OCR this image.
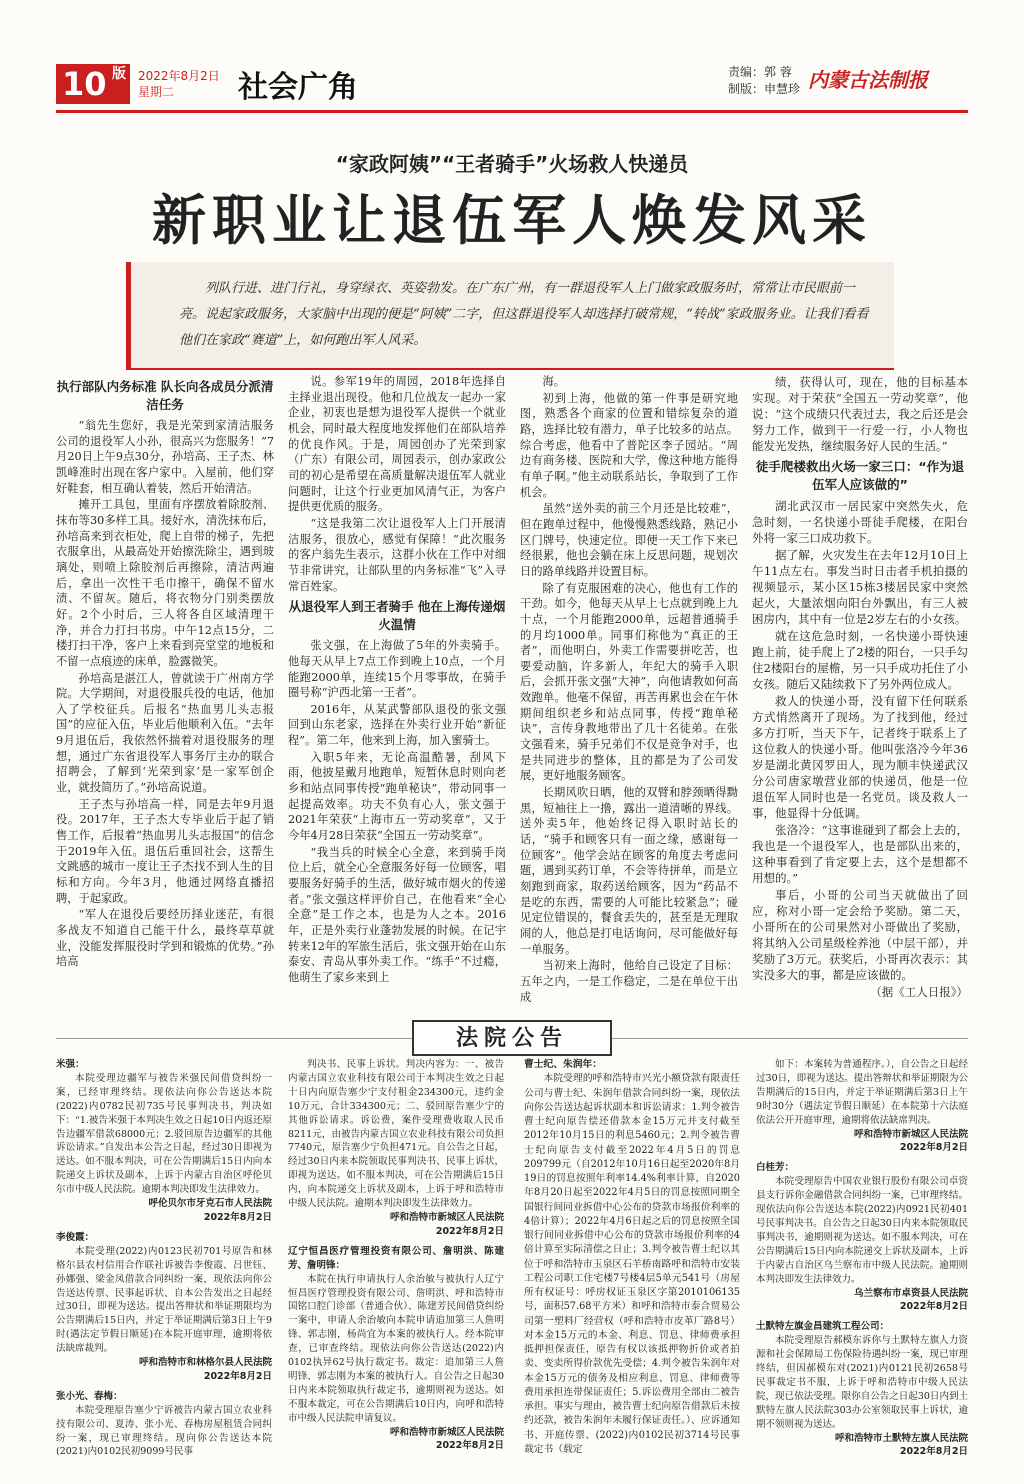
10 版 2022年8月2日
星期二	社会广角	责编：郭 蓉
制版：申慧珍 内蒙古法制报
“家政阿姨”“王者骑手”火场救人快递员
新职业让退伍军人焕发风采
列队行进、进门行礼，身穿绿衣、英姿勃发。在广东广州，有一群退役军人上门做家政服务时，常常让市民眼前一亮。说起家政服务，大家脑中出现的便是“阿姨”二字，但这群退役军人却选择打破常规，“转战”家政服务业。让我们看看他们在家政“赛道”上，如何跑出军人风采。
执行部队内务标准 队长向各成员分派清洁任务

“翁先生您好，我是光荣到家清洁服务公司的退役军人小孙，很高兴为您服务！”7月20日上午9点30分，孙培高、王子杰、林凯峰准时出现在客户家中。入屋前，他们穿好鞋套，相互确认着装，然后开始清洁。

摊开工具包，里面有序摆放着除胶剂、抹布等30多样工具。接好水，清洗抹布后，孙培高来到衣柜处，爬上自带的梯子，先把衣服拿出，从最高处开始擦洗除尘，遇到玻璃处，则喷上除胶剂后再擦除，清洁两遍后，拿出一次性干毛巾擦干，确保不留水渍、不留灰。随后，将衣物分门别类摆放好。2个小时后，三人将各自区域清理干净，并合力打扫书房。中午12点15分，二楼打扫干净，客户上来看到亮堂堂的地板和不留一点痕迹的床单，脸露微笑。

孙培高是湛江人，曾就读于广州南方学院。大学期间，对退役服兵役的电话，他加入了学校征兵。后报名“热血男儿头志报国”的应征入伍，毕业后他顺利入伍。“去年9月退伍后，我依然怀揣着对退役服务的理想，通过广东省退役军人事务厅主办的联合招聘会，了解到‘光荣到家’是一家军创企业，就投简历了。”孙培高说道。

王子杰与孙培高一样，同是去年9月退役。2017年，王子杰大专毕业后于起了销售工作，后报着“热血男儿头志报国”的信念于2019年入伍。退伍后重回社会，这帮生文跳感的城市一度让王子杰找不到人生的目标和方向。今年3月，他通过网络直播招聘，于起家政。

“军人在退役后要经历择业迷茫，有很多战友不知道自己能干什么，最终草草就业，没能发挥服役时学到和锻炼的优势。”孙培高

说。参军19年的周园，2018年选择自主择业退出现役。他和几位战友一起办一家企业，初衷也是想为退役军人提供一个就业机会，同时最大程度地发挥他们在部队培养的优良作风。于是，周园创办了光荣到家（广东）有限公司，周园表示，创办家政公司的初心是希望在高质量解决退伍军人就业问题时，让这个行业更加风清气正，为客户提供更优质的服务。

“这是我第二次让退役军人上门开展清洁服务，很放心，感觉有保障！”此次服务的客户翁先生表示，这群小伙在工作中对细节非常讲究，让部队里的内务标准“飞”入寻常百姓家。

从退役军人到王者骑手 他在上海传递烟火温情

张文强，在上海做了5年的外卖骑手。他每天从早上7点工作到晚上10点，一个月能跑2000单，连续15个月零事故，在骑手圈号称“沪西北第一王者”。

2016年，从某武警部队退役的张文强回到山东老家，选择在外卖行业开始“新征程”。第二年，他来到上海，加入蜜骑士。

入职5年来，无论高温酷暑，刮风下雨，他披星戴月地跑单，短暂休息时则向老乡和站点同事传授“跑单秘诀”，带动同事一起提高效率。功夫不负有心人，张文强于2021年荣获“上海市五一劳动奖章”，又于今年4月28日荣获“全国五一劳动奖章”。

“我当兵的时候全心全意，来到骑手岗位上后，就全心全意服务好每一位顾客，唱要服务好骑手的生活，做好城市烟火的传递者。”张文强这样评价自己，在他看来“全心全意”是工作之本，也是为人之本。2016年，正是外卖行业蓬勃发展的时候。在记宇转来12年的军旅生活后，张文强开始在山东泰安、青岛从事外卖工作。“练手”不过瘾，他萌生了家乡来到上

海。

初到上海，他做的第一件事是研究地图，熟悉各个商家的位置和错综复杂的道路，选择比较有潜力，单子比较多的站点。综合考虑，他看中了普陀区李子园站。“周边有商务楼、医院和大学，像这种地方能得有单子啊。”他主动联系站长，争取到了工作机会。

虽然“送外卖的前三个月还是比较难”，但在跑单过程中，他慢慢熟悉线路，熟记小区门牌号，快速定位。即便一天工作下来已经很累，他也会躺在床上反思问题，规划次日的路单线路并设置目标。

除了有克服困难的决心，他也有工作的干劲。如今，他每天从早上七点就到晚上九十点，一个月能跑2000单，远超普通骑手的月均1000单。同事们称他为“真正的王者”，而他明白，外卖工作需要拼吃苦，也要爱动脑，许多新人，年纪大的骑手入职后，会抓开张文强“大神”，向他请教如何高效跑单。他毫不保留，再苦再累也会在午休期间组织老乡和站点同事，传授“跑单秘诀”，言传身教地带出了几十名徒弟。在张文强看来，骑手兄弟们不仅是竞争对手，也是共同进步的整体，且的都是为了公司发展，更好地服务顾客。

长期风吹日晒，他的双臂和脖颈晒得黝黑，短袖往上一撸，露出一道清晰的界线。送外卖5年，他始终记得入职时站长的话，“骑手和顾客只有一面之缘，感谢每一位顾客”。他学会站在顾客的角度去考虑问题，遇到买药订单，不会等待拼单，而是立刻跑到商家，取药送给顾客，因为“药品不是吃的东西，需要的人可能比较紧急”；碰见定位错误的，餐食丢失的，甚至是无理取闹的人，他总是打电话询问，尽可能做好每一单服务。

当初来上海时，他给自己设定了目标：五年之内，一是工作稳定，二是在单位干出成

绩，获得认可，现在，他的目标基本实现。对于荣获“全国五一劳动奖章”，他说：“这个成绩只代表过去，我之后还是会努力工作，做到干一行爱一行，小人物也能发光发热，继续服务好人民的生活。”

徒手爬楼救出火场一家三口：“作为退伍军人应该做的”

湖北武汉市一居民家中突然失火，危急时刻，一名快递小哥徒手爬楼，在阳台外将一家三口成功救下。

据了解，火灾发生在去年12月10日上午11点左右。事发当时日击者手机拍摄的视频显示，某小区15栋3楼居民家中突然起火，大量浓烟向阳台外飘出，有三人被困房内，其中有一位是2岁左右的小女孩。

就在这危急时刻，一名快递小哥快速跑上前，徒手爬上了2楼的阳台，一只手勾住2楼阳台的屋檐，另一只手成功托住了小女孩。随后又陆续救下了另外两位成人。

救人的快递小哥，没有留下任何联系方式悄然离开了现场。为了找到他，经过多方打听，当天下午，记者终于联系上了这位救人的快递小哥。他叫张洛冷今年36岁是湖北黄冈罗田人，现为顺丰快递武汉分公司唐家墩营业部的快递员，他是一位退伍军人同时也是一名党员。谈及救人一事，他显得十分低调。

张洛冷：“这事谁碰到了都会上去的，我也是一个退役军人，也是部队出来的，这种事看到了肯定要上去，这个是想都不用想的。”

事后，小哥的公司当天就做出了回应，称对小哥一定会给予奖励。第二天，小哥所在的公司果然对小哥做出了奖励，将其纳入公司星级栓养池（中层干部），并奖励了3万元。获奖后，小哥再次表示：其实没多大的事，都是应该做的。

（据《工人日报》）

法院公告
米强：

本院受理边疆军与被告米强民间借贷纠纷一案，已经审理终结。现依法向你公告送达本院(2022)内0782民初735号民事判决书，判决如下：“1.被告米强于本判决生效之日起10日内返还原告边疆军借款68000元；2.驳回原告边疆军的其他诉讼请求。”自发出本公告之日起，经过30日即视为送达。如不服本判决，可在公告期满后15日内向本院递交上诉状及副本，上诉于内蒙古自治区呼伦贝尔市中级人民法院。逾期本判决即发生法律效力。

呼伦贝尔市牙克石市人民法院
2022年8月2日
李俊霞：

本院受理(2022)内0123民初701号原告和林格尔县农村信用合作联社诉被告李俊霞、吕世钰、孙娜强、梁金凤借款合同纠纷一案，现依法向你公告送达传票、民事起诉状、自本公告发出之日起经过30日，即视为送达。提出答辩状和举证期限均为公告期满后15日内，并定于举证期满后第3日上午9时(遇法定节假日顺延)在本院开庭审理，逾期将依法缺席裁判。

呼和浩特市和林格尔县人民法院
2022年8月2日
张小光、春梅：

本院受理原告塞少宁诉被告内蒙古国立农业科技有限公司、夏涛、张小光、春梅房屋租赁合同纠纷一案，现已审理终结。现向你公告送达本院(2021)内0102民初9099号民事

判决书、民事上诉状。判决内容为：一、被告内蒙古国立农业科技有限公司于本判决生效之日起十日内向原告塞少宁支付租金234300元，违约金10万元，合计334300元；二、驳回原告塞少宁的其他诉讼请求。诉讼费，案件受理费收取人民币8211元，由被告内蒙古国立农业科技有限公司负担7740元，原告塞少宁负担471元。自公告之日起，经过30日内来本院领取民事判决书、民事上诉状，即视为送达。如不服本判决，可在公告期满后15日内，向本院递交上诉状及副本，上诉于呼和浩特市中级人民法院。逾期本判决即发生法律效力。

呼和浩特市新城区人民法院
2022年8月2日
辽宁恒昌医疗管理投资有限公司、詹明洪、陈建芳、詹明锋：

本院在执行申请执行人余治敏与被执行人辽宁恒昌医疗管理投资有限公司、詹明洪、呼和浩特市国铭口腔门诊部（普通合伙）、陈建芳民间借贷纠纷一案中，申请人余治敏向本院申请追加第三人詹明锋、郭志刚，杨尚宜为本案的被执行人。经本院审查，已审查终结。现依法向你公告送达(2022)内0102执异62号执行裁定书。裁定：追加第三人詹明锋、郭志刚为本案的被执行人。自公告之日起30日内来本院领取执行裁定书，逾期则视为送达。如不服本裁定，可在公告期满后10日内，向呼和浩特市中级人民法院申请复议。

呼和浩特市新城区人民法院
2022年8月2日
曹士纪、朱润年：

本院受理的呼和浩特市兴光小额贷款有限责任公司与曹士纪、朱润年借款合同纠纷一案，现依法向你公告送达起诉状副本和诉讼请求：1.判令被告曹士纪向原告偿还借款本金15万元并支付截至2012年10月15日的利息5460元；2.判令被告曹士纪向原告支付截至2022年4月5日的罚息209799元（自2012年10月16日起至2020年8月19日的罚息按照年利率14.4%利率计算，自2020年8月20日起至2022年4月5日的罚息按照同期全国银行间同业拆借中心公布的贷款市场报价利率的4倍计算）；2022年4月6日起之后的罚息按照全国银行间同业拆借中心公布的贷款市场报价利率的4倍计算至实际清偿之日止；3.判令被告曹士纪以其位于呼和浩特市玉泉区石羊桥南路呼和浩特市安装工程公司职工住宅楼7号楼4层5单元541号（房屋所有权证号：呼房权证玉泉区字第2010106135号，面积57.68平方米）和呼和浩特市泰合贸易公司第一塑料厂经营权（呼和浩特市皮革厂路8号）对本金15万元的本金、利息、罚息、律师费承担抵押担保责任，原告有权以该抵押物折价或者拍卖、变卖所得价款优先受偿；4.判令被告朱润年对本金15万元的债务及相应利息、罚息、律师费等费用承担连带保证责任；5.诉讼费用全部由二被告承担。事实与理由，被告曹士纪向原告借款后未按约还款，被告朱润年未履行保证责任。）、应诉通知书、开庭传票、(2022)内0102民初3714号民事裁定书（载定

如下：本案转为普通程序。），自公告之日起经过30日，即视为送达。提出答辩状和举证期限为公告期满后的15日内，并定于举证期满后第3日上午9时30分（遇法定节假日顺延）在本院第十六法庭依法公开开庭审理，逾期将依法缺席判决。

呼和浩特市新城区人民法院
2022年8月2日
白桂芳：

本院受理原告中国农业银行股份有限公司卓资县支行诉你金融借款合同纠纷一案，已审理终结。现依法向你公告送达本院(2022)内0921民初401号民事判决书。自公告之日起30日内来本院领取民事判决书，逾期则视为送达。如不服本判决，可在公告期满后15日内向本院递交上诉状及副本，上诉于内蒙古自治区乌兰察布市中级人民法院。逾期则本判决即发生法律效力。

乌兰察布市卓资县人民法院
2022年8月2日
土默特左旗金昌建筑工程公司：

本院受理原告郝模东诉你与土默特左旗人力资源和社会保障局工伤保险待遇纠纷一案，现已审理终结，但因郝模东对(2021)内0121民初2658号民事裁定书不服，上诉于呼和浩特市中级人民法院，现已依法受理。限你自公告之日起30日内到土默特左旗人民法院303办公室领取民事上诉状，逾期不领则视为送达。

呼和浩特市土默特左旗人民法院
2022年8月2日
